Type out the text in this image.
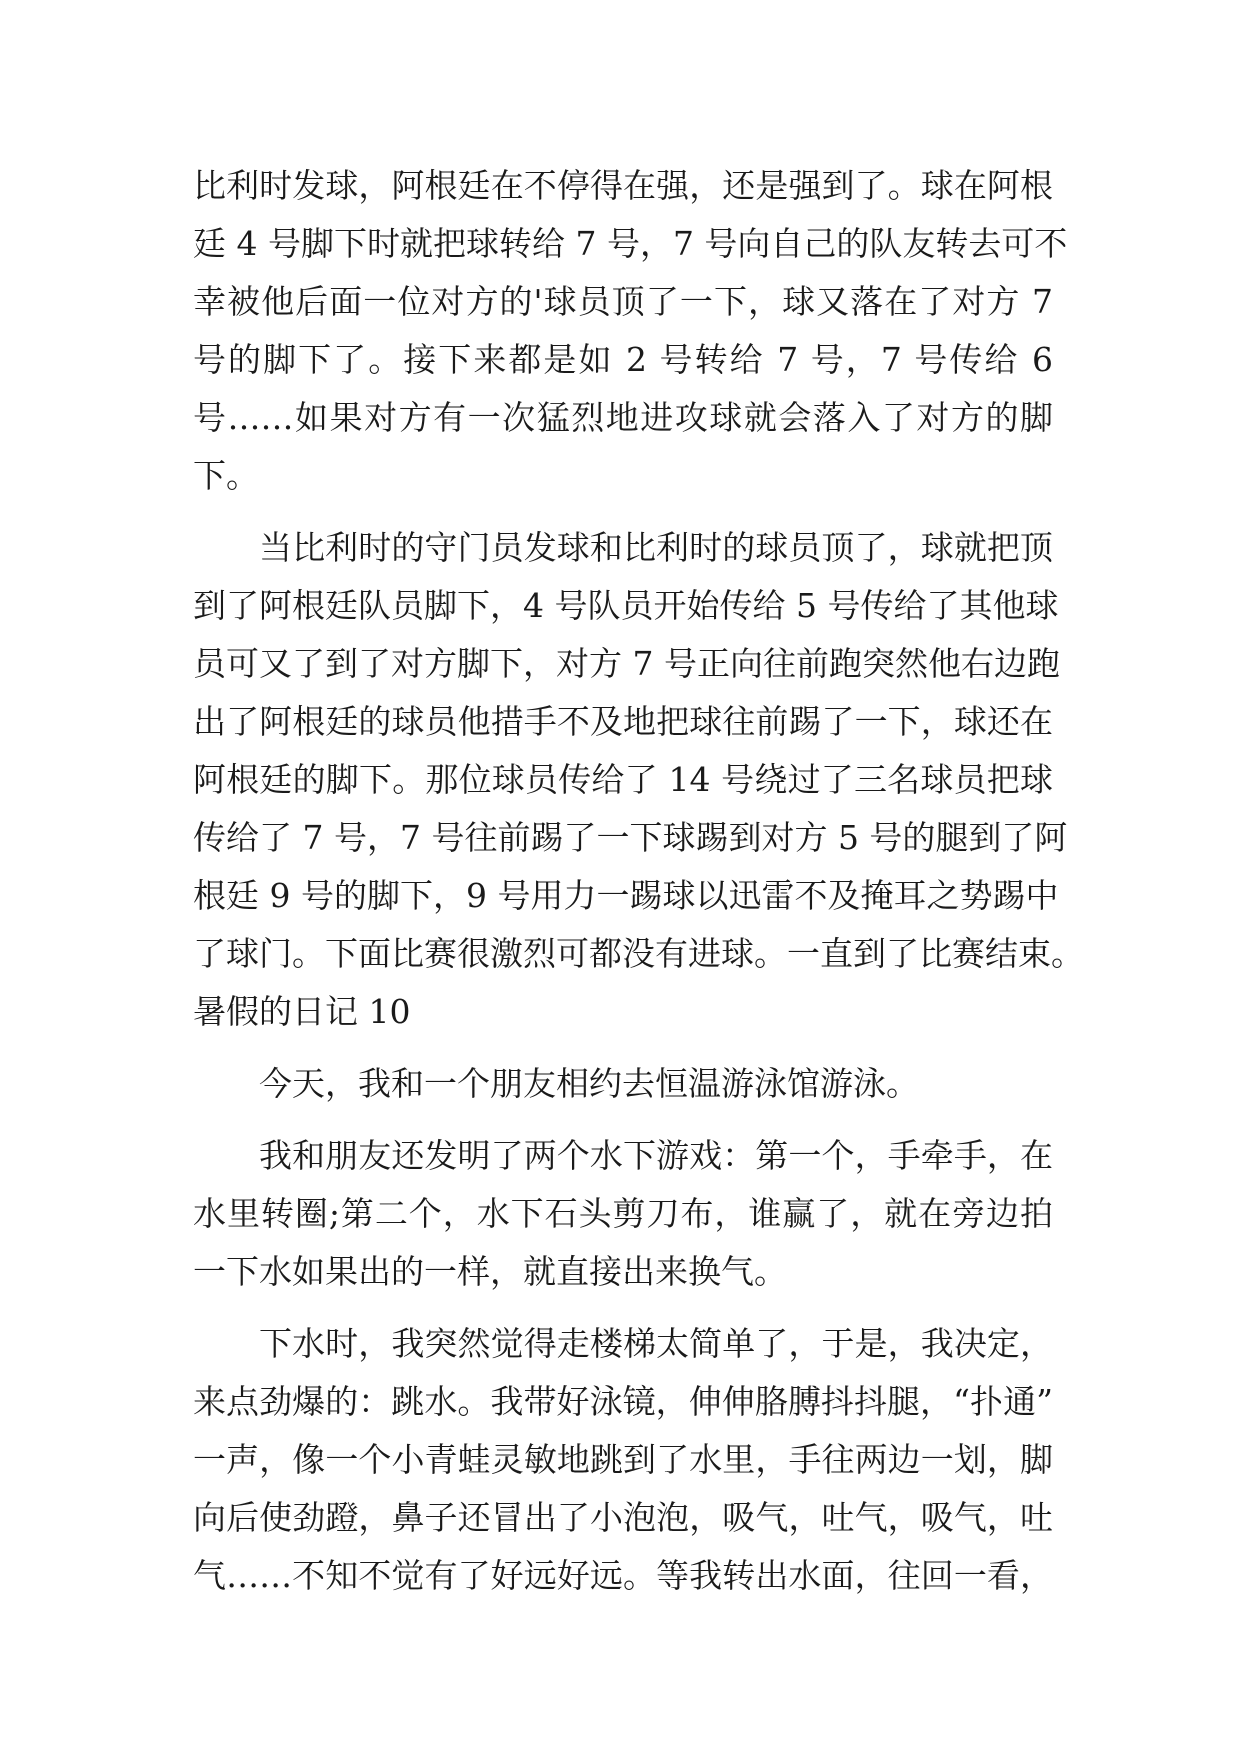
比利时发球，阿根廷在不停得在强，还是强到了。球在阿根
廷 4 号脚下时就把球转给 7 号，7 号向自己的队友转去可不
幸被他后面一位对方的'球员顶了一下，球又落在了对方 7
号的脚下了。接下来都是如 2 号转给 7 号，7 号传给 6
号……如果对方有一次猛烈地进攻球就会落入了对方的脚
下。
当比利时的守门员发球和比利时的球员顶了，球就把顶
到了阿根廷队员脚下，4 号队员开始传给 5 号传给了其他球
员可又了到了对方脚下，对方 7 号正向往前跑突然他右边跑
出了阿根廷的球员他措手不及地把球往前踢了一下，球还在
阿根廷的脚下。那位球员传给了 14 号绕过了三名球员把球
传给了 7 号，7 号往前踢了一下球踢到对方 5 号的腿到了阿
根廷 9 号的脚下，9 号用力一踢球以迅雷不及掩耳之势踢中
了球门。下面比赛很激烈可都没有进球。一直到了比赛结束。
暑假的日记 10
今天，我和一个朋友相约去恒温游泳馆游泳。
我和朋友还发明了两个水下游戏：第一个，手牵手，在
水里转圈;第二个，水下石头剪刀布，谁赢了，就在旁边拍
一下水如果出的一样，就直接出来换气。
下水时，我突然觉得走楼梯太简单了，于是，我决定，
来点劲爆的：跳水。我带好泳镜，伸伸胳膊抖抖腿，“扑通”
一声，像一个小青蛙灵敏地跳到了水里，手往两边一划，脚
向后使劲蹬，鼻子还冒出了小泡泡，吸气，吐气，吸气，吐
气……不知不觉有了好远好远。等我转出水面，往回一看，
